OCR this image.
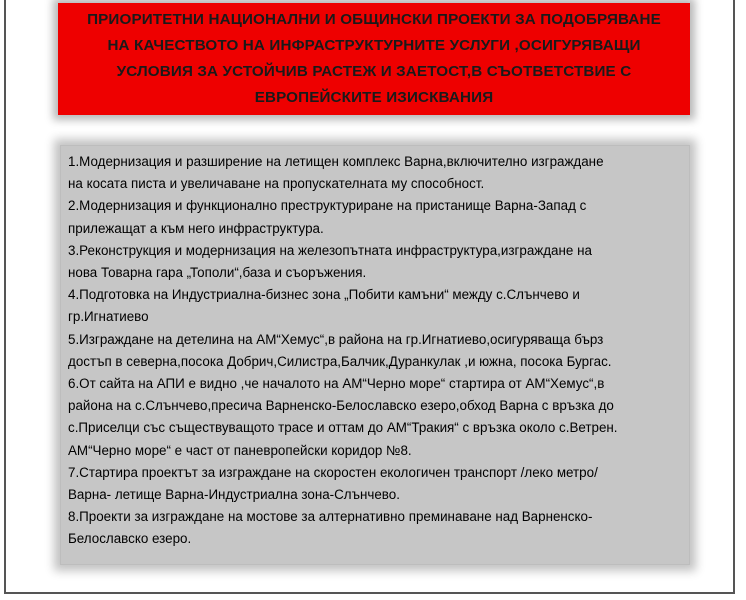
ПРИОРИТЕТНИ НАЦИОНАЛНИ И ОБЩИНСКИ ПРОЕКТИ ЗА ПОДОБРЯВАНЕ
НА КАЧЕСТВОТО НА ИНФРАСТРУКТУРНИТЕ УСЛУГИ ,ОСИГУРЯВАЩИ
УСЛОВИЯ ЗА УСТОЙЧИВ РАСТЕЖ И ЗАЕТОСТ,В СЪОТВЕТСТВИЕ С
ЕВРОПЕЙСКИТЕ ИЗИСКВАНИЯ

1.Модернизация и разширение на летищен комплекс Варна,включително изграждане
на косата писта и увеличаване на пропускателната му способност.
2.Модернизация и функционално преструктуриране на пристанище Варна-Запад с
прилежащат а към него инфраструктура.
3.Реконструкция и модернизация на железопътната инфраструктура,изграждане на
нова Товарна гара „Тополи“,база и съоръжения.
4.Подготовка на Индустриална-бизнес зона „Побити камъни“ между с.Слънчево и
гр.Игнатиево
5.Изграждане на детелина на АМ“Хемус“,в района на гр.Игнатиево,осигуряваща бърз
достъп в северна,посока Добрич,Силистра,Балчик,Дуранкулак ,и южна, посока Бургас.
6.От сайта на АПИ е видно ,че началото на АМ“Черно море“ стартира от АМ“Хемус“,в
района на с.Слънчево,пресича Варненско-Белославско езеро,обход Варна с връзка до
с.Приселци със съществуващото трасе и оттам до АМ“Тракия“ с връзка около с.Ветрен.
АМ“Черно море“ е част от паневропейски коридор №8.
7.Стартира проектът за изграждане на скоростен екологичен транспорт /леко метро/
Варна- летище Варна-Индустриална зона-Слънчево.
8.Проекти за изграждане на мостове за алтернативно преминаване над Варненско-
Белославско езеро.
